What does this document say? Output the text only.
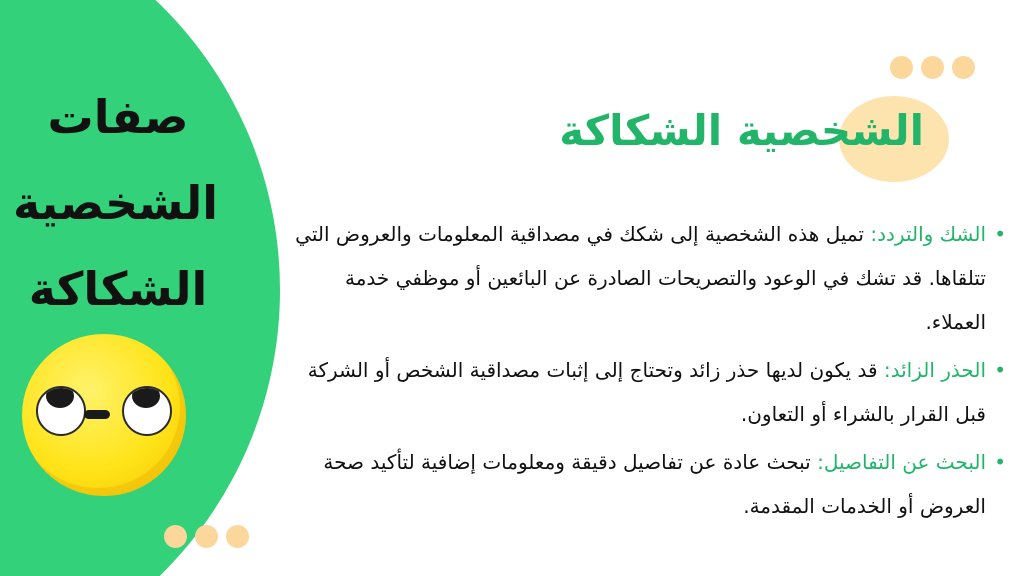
صفات
الشخصية
الشكاكة
الشخصية الشكاكة
•
الشك والتردد: تميل هذه الشخصية إلى شكك في مصداقية المعلومات والعروض التي تتلقاها. قد تشك في الوعود والتصريحات الصادرة عن البائعين أو موظفي خدمة العملاء.
•
الحذر الزائد: قد يكون لديها حذر زائد وتحتاج إلى إثبات مصداقية الشخص أو الشركة قبل القرار بالشراء أو التعاون.
•
البحث عن التفاصيل: تبحث عادة عن تفاصيل دقيقة ومعلومات إضافية لتأكيد صحة العروض أو الخدمات المقدمة.
